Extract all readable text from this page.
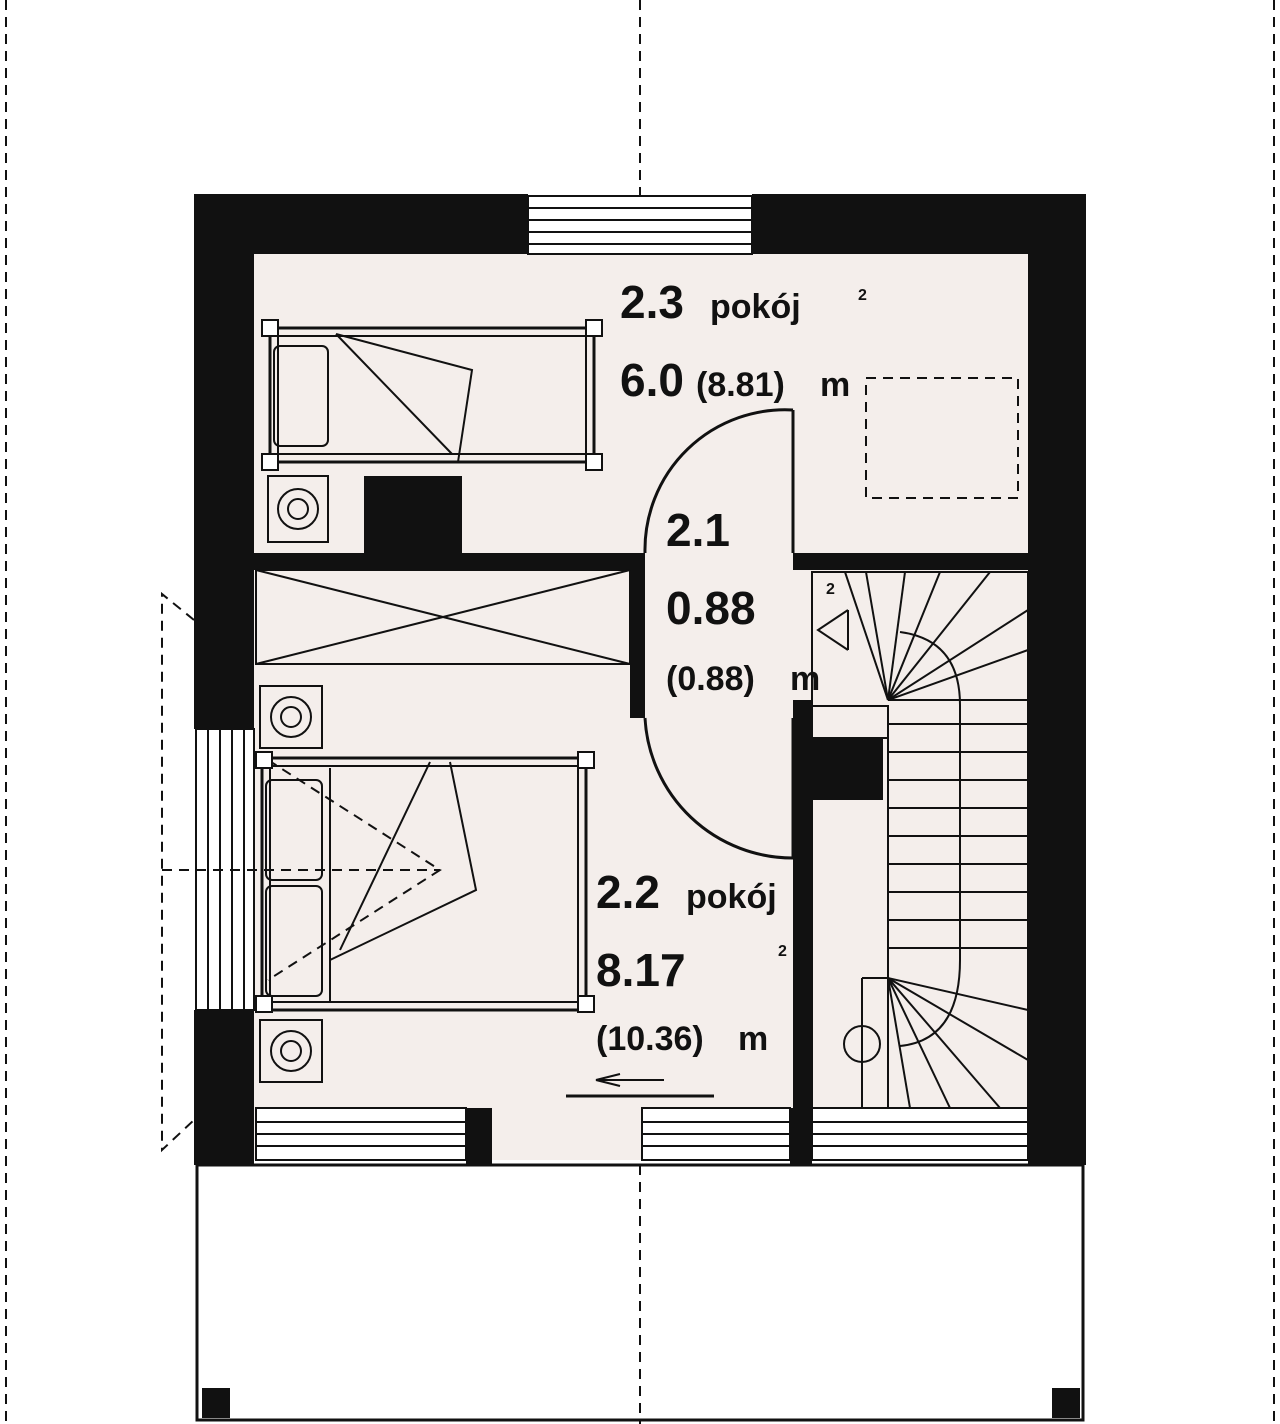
2.3 pokój	2
6.0 (8.81) m
2.1
0.88
(0.88) m
2
2.2 pokój
2
8.17
(10.36) m
